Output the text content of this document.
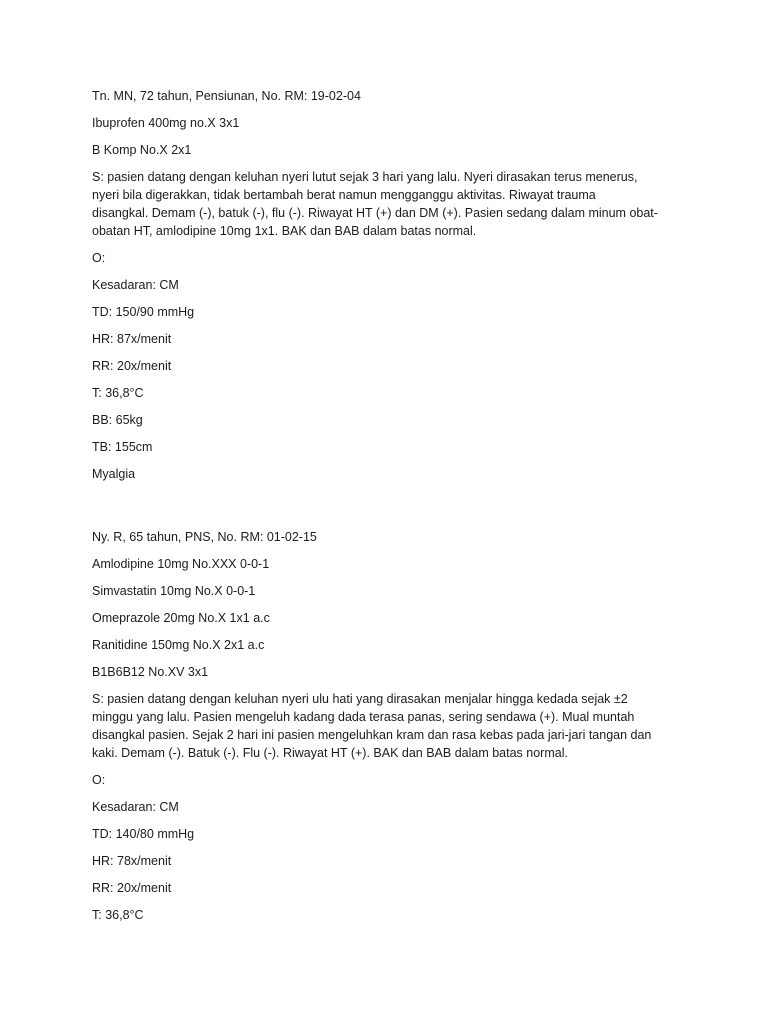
Tn. MN, 72 tahun, Pensiunan, No. RM: 19-02-04

Ibuprofen 400mg no.X 3x1

B Komp No.X 2x1

S: pasien datang dengan keluhan nyeri lutut sejak 3 hari yang lalu. Nyeri dirasakan terus menerus,

nyeri bila digerakkan, tidak bertambah berat namun mengganggu aktivitas. Riwayat trauma

disangkal. Demam (-), batuk (-), flu (-). Riwayat HT (+) dan DM (+). Pasien sedang dalam minum obat-

obatan HT, amlodipine 10mg 1x1. BAK dan BAB dalam batas normal.

O:

Kesadaran: CM

TD: 150/90 mmHg

HR: 87x/menit

RR: 20x/menit

T: 36,8°C

BB: 65kg

TB: 155cm

Myalgia

Ny. R, 65 tahun, PNS, No. RM: 01-02-15

Amlodipine 10mg No.XXX 0-0-1

Simvastatin 10mg No.X 0-0-1

Omeprazole 20mg No.X 1x1 a.c

Ranitidine 150mg No.X 2x1 a.c

B1B6B12 No.XV 3x1

S: pasien datang dengan keluhan nyeri ulu hati yang dirasakan menjalar hingga kedada sejak ±2

minggu yang lalu. Pasien mengeluh kadang dada terasa panas, sering sendawa (+). Mual muntah

disangkal pasien. Sejak 2 hari ini pasien mengeluhkan kram dan rasa kebas pada jari-jari tangan dan

kaki. Demam (-). Batuk (-). Flu (-). Riwayat HT (+). BAK dan BAB dalam batas normal.

O:

Kesadaran: CM

TD: 140/80 mmHg

HR: 78x/menit

RR: 20x/menit

T: 36,8°C
